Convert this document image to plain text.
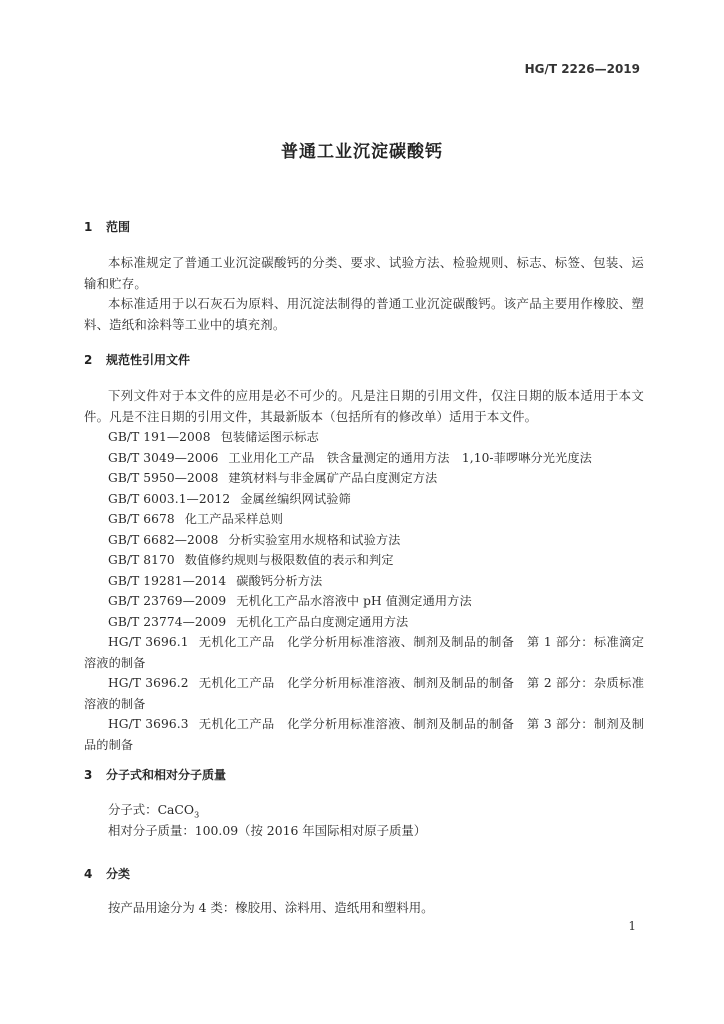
HG/T 2226—2019
普通工业沉淀碳酸钙
1 范围
本标准规定了普通工业沉淀碳酸钙的分类、要求、试验方法、检验规则、标志、标签、包装、运输和贮存。
本标准适用于以石灰石为原料、用沉淀法制得的普通工业沉淀碳酸钙。该产品主要用作橡胶、塑料、造纸和涂料等工业中的填充剂。
2 规范性引用文件
下列文件对于本文件的应用是必不可少的。凡是注日期的引用文件，仅注日期的版本适用于本文件。凡是不注日期的引用文件，其最新版本（包括所有的修改单）适用于本文件。
GB/T 191—2008 包装储运图示标志
GB/T 3049—2006 工业用化工产品　铁含量测定的通用方法　1,10-菲啰啉分光光度法
GB/T 5950—2008 建筑材料与非金属矿产品白度测定方法
GB/T 6003.1—2012 金属丝编织网试验筛
GB/T 6678 化工产品采样总则
GB/T 6682—2008 分析实验室用水规格和试验方法
GB/T 8170 数值修约规则与极限数值的表示和判定
GB/T 19281—2014 碳酸钙分析方法
GB/T 23769—2009 无机化工产品水溶液中 pH 值测定通用方法
GB/T 23774—2009 无机化工产品白度测定通用方法
HG/T 3696.1 无机化工产品　化学分析用标准溶液、制剂及制品的制备　第 1 部分：标准滴定溶液的制备
HG/T 3696.2 无机化工产品　化学分析用标准溶液、制剂及制品的制备　第 2 部分：杂质标准溶液的制备
HG/T 3696.3 无机化工产品　化学分析用标准溶液、制剂及制品的制备　第 3 部分：制剂及制品的制备
3 分子式和相对分子质量
分子式：CaCO$_3$
相对分子质量：100.09（按 2016 年国际相对原子质量）
4 分类
按产品用途分为 4 类：橡胶用、涂料用、造纸用和塑料用。
1
